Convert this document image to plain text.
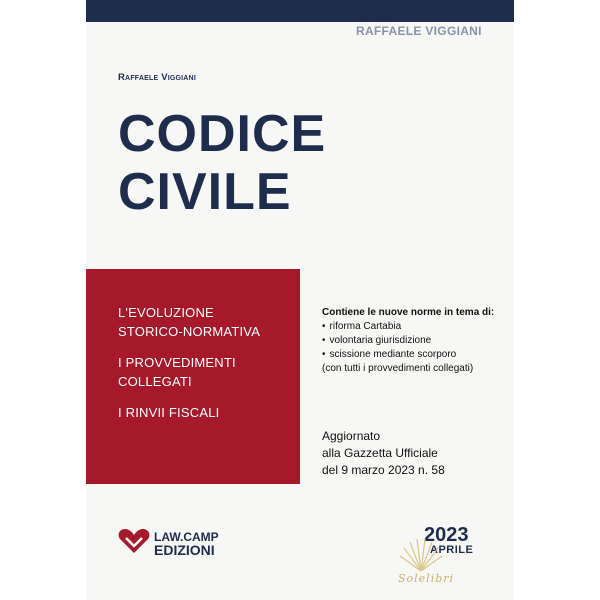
I CODICI DI
RAFFAELE VIGGIANI
Raffaele Viggiani
CODICE
CIVILE
L'EVOLUZIONE
STORICO-NORMATIVA
I PROVVEDIMENTI
COLLEGATI
I RINVII FISCALI
Contiene le nuove norme in tema di:
• riforma Cartabia
• volontaria giurisdizione
• scissione mediante scorporo
(con tutti i provvedimenti collegati)
Aggiornato
alla Gazzetta Ufficiale
del 9 marzo 2023 n. 58
LAW.CAMP
EDIZIONI
2023
APRILE
Solelibri
